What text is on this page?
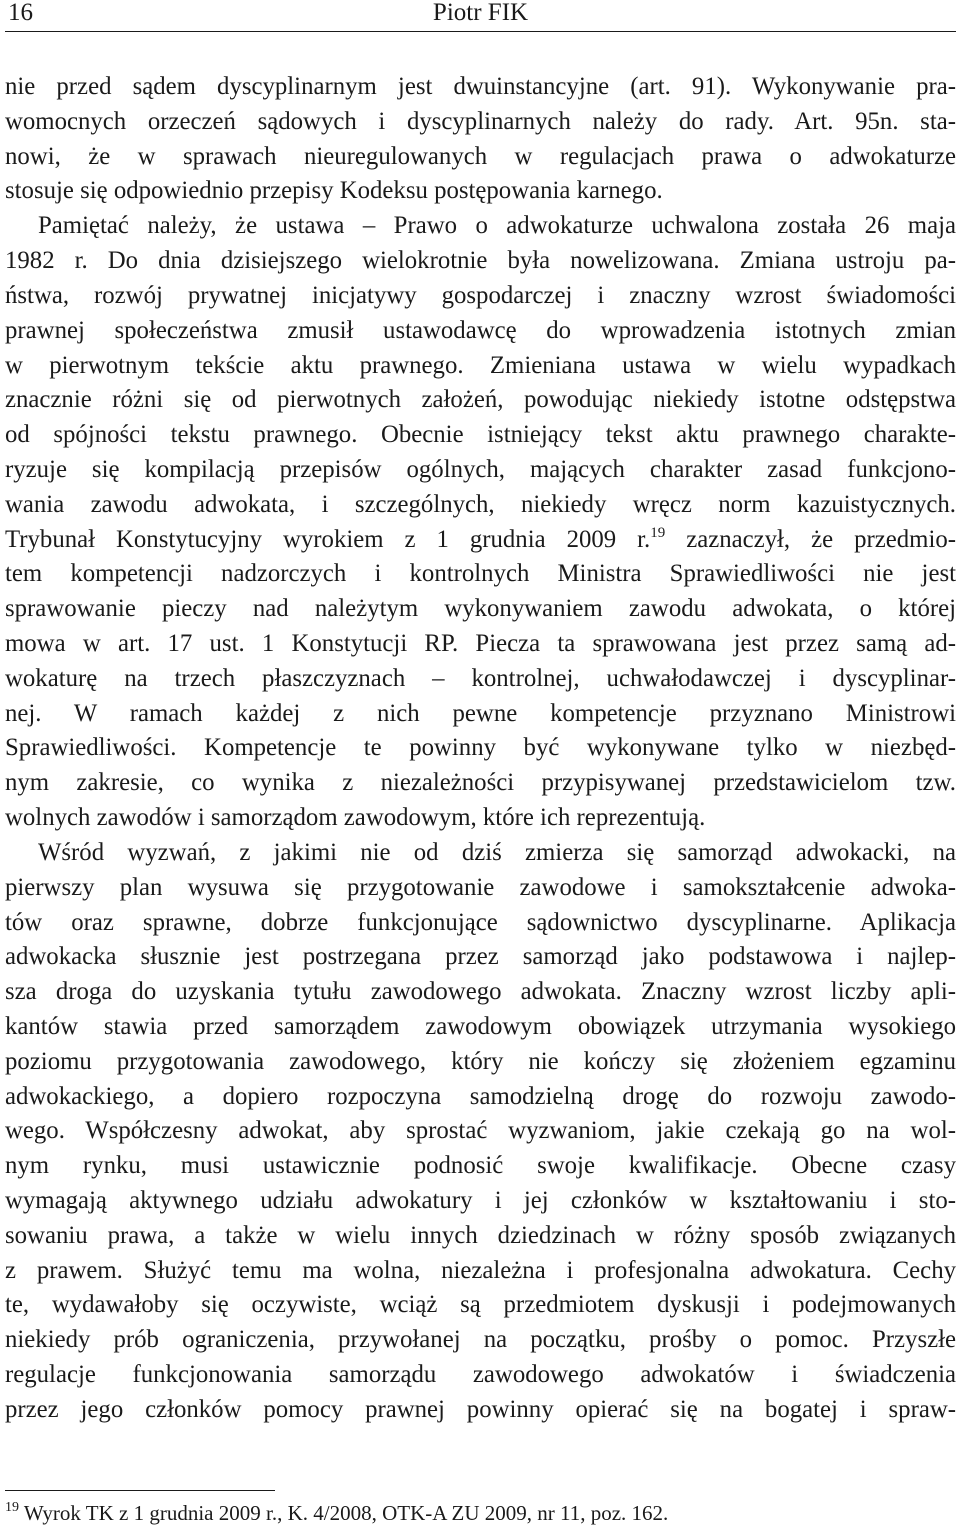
16	Piotr FIK
nie przed sądem dyscyplinarnym jest dwuinstancyjne (art. 91). Wykonywanie pra-
womocnych orzeczeń sądowych i dyscyplinarnych należy do rady. Art. 95n. sta-
nowi, że w sprawach nieuregulowanych w regulacjach prawa o adwokaturze
stosuje się odpowiednio przepisy Kodeksu postępowania karnego.
Pamiętać należy, że ustawa – Prawo o adwokaturze uchwalona została 26 maja
1982 r. Do dnia dzisiejszego wielokrotnie była nowelizowana. Zmiana ustroju pa-
ństwa, rozwój prywatnej inicjatywy gospodarczej i znaczny wzrost świadomości
prawnej społeczeństwa zmusił ustawodawcę do wprowadzenia istotnych zmian
w pierwotnym tekście aktu prawnego. Zmieniana ustawa w wielu wypadkach
znacznie różni się od pierwotnych założeń, powodując niekiedy istotne odstępstwa
od spójności tekstu prawnego. Obecnie istniejący tekst aktu prawnego charakte-
ryzuje się kompilacją przepisów ogólnych, mających charakter zasad funkcjono-
wania zawodu adwokata, i szczególnych, niekiedy wręcz norm kazuistycznych.
Trybunał Konstytucyjny wyrokiem z 1 grudnia 2009 r.$^{19}$ zaznaczył, że przedmio-
tem kompetencji nadzorczych i kontrolnych Ministra Sprawiedliwości nie jest
sprawowanie pieczy nad należytym wykonywaniem zawodu adwokata, o której
mowa w art. 17 ust. 1 Konstytucji RP. Piecza ta sprawowana jest przez samą ad-
wokaturę na trzech płaszczyznach – kontrolnej, uchwałodawczej i dyscyplinar-
nej. W ramach każdej z nich pewne kompetencje przyznano Ministrowi
Sprawiedliwości. Kompetencje te powinny być wykonywane tylko w niezbęd-
nym zakresie, co wynika z niezależności przypisywanej przedstawicielom tzw.
wolnych zawodów i samorządom zawodowym, które ich reprezentują.
Wśród wyzwań, z jakimi nie od dziś zmierza się samorząd adwokacki, na
pierwszy plan wysuwa się przygotowanie zawodowe i samokształcenie adwoka-
tów oraz sprawne, dobrze funkcjonujące sądownictwo dyscyplinarne. Aplikacja
adwokacka słusznie jest postrzegana przez samorząd jako podstawowa i najlep-
sza droga do uzyskania tytułu zawodowego adwokata. Znaczny wzrost liczby apli-
kantów stawia przed samorządem zawodowym obowiązek utrzymania wysokiego
poziomu przygotowania zawodowego, który nie kończy się złożeniem egzaminu
adwokackiego, a dopiero rozpoczyna samodzielną drogę do rozwoju zawodo-
wego. Współczesny adwokat, aby sprostać wyzwaniom, jakie czekają go na wol-
nym rynku, musi ustawicznie podnosić swoje kwalifikacje. Obecne czasy
wymagają aktywnego udziału adwokatury i jej członków w kształtowaniu i sto-
sowaniu prawa, a także w wielu innych dziedzinach w różny sposób związanych
z prawem. Służyć temu ma wolna, niezależna i profesjonalna adwokatura. Cechy
te, wydawałoby się oczywiste, wciąż są przedmiotem dyskusji i podejmowanych
niekiedy prób ograniczenia, przywołanej na początku, prośby o pomoc. Przyszłe
regulacje funkcjonowania samorządu zawodowego adwokatów i świadczenia
przez jego członków pomocy prawnej powinny opierać się na bogatej i spraw-
$^{19}$ Wyrok TK z 1 grudnia 2009 r., K. 4/2008, OTK-A ZU 2009, nr 11, poz. 162.
